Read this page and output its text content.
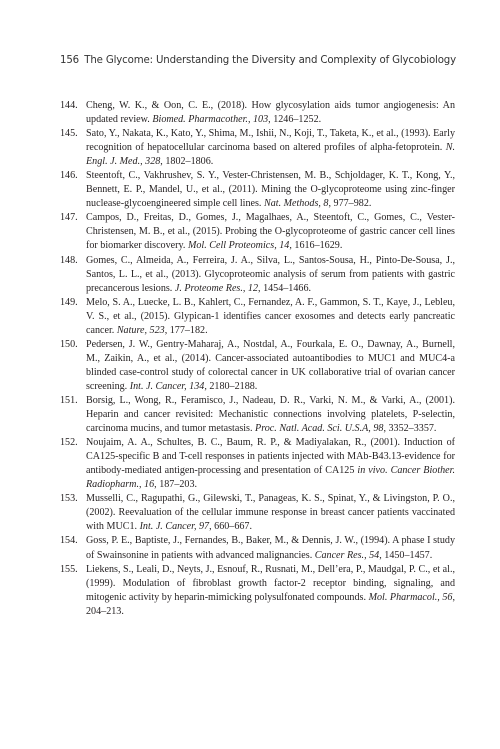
156 The Glycome: Understanding the Diversity and Complexity of Glycobiology
144. Cheng, W. K., & Oon, C. E., (2018). How glycosylation aids tumor angiogenesis: An updated review. Biomed. Pharmacother., 103, 1246–1252.
145. Sato, Y., Nakata, K., Kato, Y., Shima, M., Ishii, N., Koji, T., Taketa, K., et al., (1993). Early recognition of hepatocellular carcinoma based on altered profiles of alpha-fetoprotein. N. Engl. J. Med., 328, 1802–1806.
146. Steentoft, C., Vakhrushev, S. Y., Vester-Christensen, M. B., Schjoldager, K. T., Kong, Y., Bennett, E. P., Mandel, U., et al., (2011). Mining the O-glycoproteome using zinc-finger nuclease-glycoengineered simple cell lines. Nat. Methods, 8, 977–982.
147. Campos, D., Freitas, D., Gomes, J., Magalhaes, A., Steentoft, C., Gomes, C., Vester-Christensen, M. B., et al., (2015). Probing the O-glycoproteome of gastric cancer cell lines for biomarker discovery. Mol. Cell Proteomics, 14, 1616–1629.
148. Gomes, C., Almeida, A., Ferreira, J. A., Silva, L., Santos-Sousa, H., Pinto-De-Sousa, J., Santos, L. L., et al., (2013). Glycoproteomic analysis of serum from patients with gastric precancerous lesions. J. Proteome Res., 12, 1454–1466.
149. Melo, S. A., Luecke, L. B., Kahlert, C., Fernandez, A. F., Gammon, S. T., Kaye, J., Lebleu, V. S., et al., (2015). Glypican-1 identifies cancer exosomes and detects early pancreatic cancer. Nature, 523, 177–182.
150. Pedersen, J. W., Gentry-Maharaj, A., Nostdal, A., Fourkala, E. O., Dawnay, A., Burnell, M., Zaikin, A., et al., (2014). Cancer-associated autoantibodies to MUC1 and MUC4-a blinded case-control study of colorectal cancer in UK collaborative trial of ovarian cancer screening. Int. J. Cancer, 134, 2180–2188.
151. Borsig, L., Wong, R., Feramisco, J., Nadeau, D. R., Varki, N. M., & Varki, A., (2001). Heparin and cancer revisited: Mechanistic connections involving platelets, P-selectin, carcinoma mucins, and tumor metastasis. Proc. Natl. Acad. Sci. U.S.A, 98, 3352–3357.
152. Noujaim, A. A., Schultes, B. C., Baum, R. P., & Madiyalakan, R., (2001). Induction of CA125-specific B and T-cell responses in patients injected with MAb-B43.13-evidence for antibody-mediated antigen-processing and presentation of CA125 in vivo. Cancer Biother. Radiopharm., 16, 187–203.
153. Musselli, C., Ragupathi, G., Gilewski, T., Panageas, K. S., Spinat, Y., & Livingston, P. O., (2002). Reevaluation of the cellular immune response in breast cancer patients vaccinated with MUC1. Int. J. Cancer, 97, 660–667.
154. Goss, P. E., Baptiste, J., Fernandes, B., Baker, M., & Dennis, J. W., (1994). A phase I study of Swainsonine in patients with advanced malignancies. Cancer Res., 54, 1450–1457.
155. Liekens, S., Leali, D., Neyts, J., Esnouf, R., Rusnati, M., Dell’era, P., Maudgal, P. C., et al., (1999). Modulation of fibroblast growth factor-2 receptor binding, signaling, and mitogenic activity by heparin-mimicking polysulfonated compounds. Mol. Pharmacol., 56, 204–213.
